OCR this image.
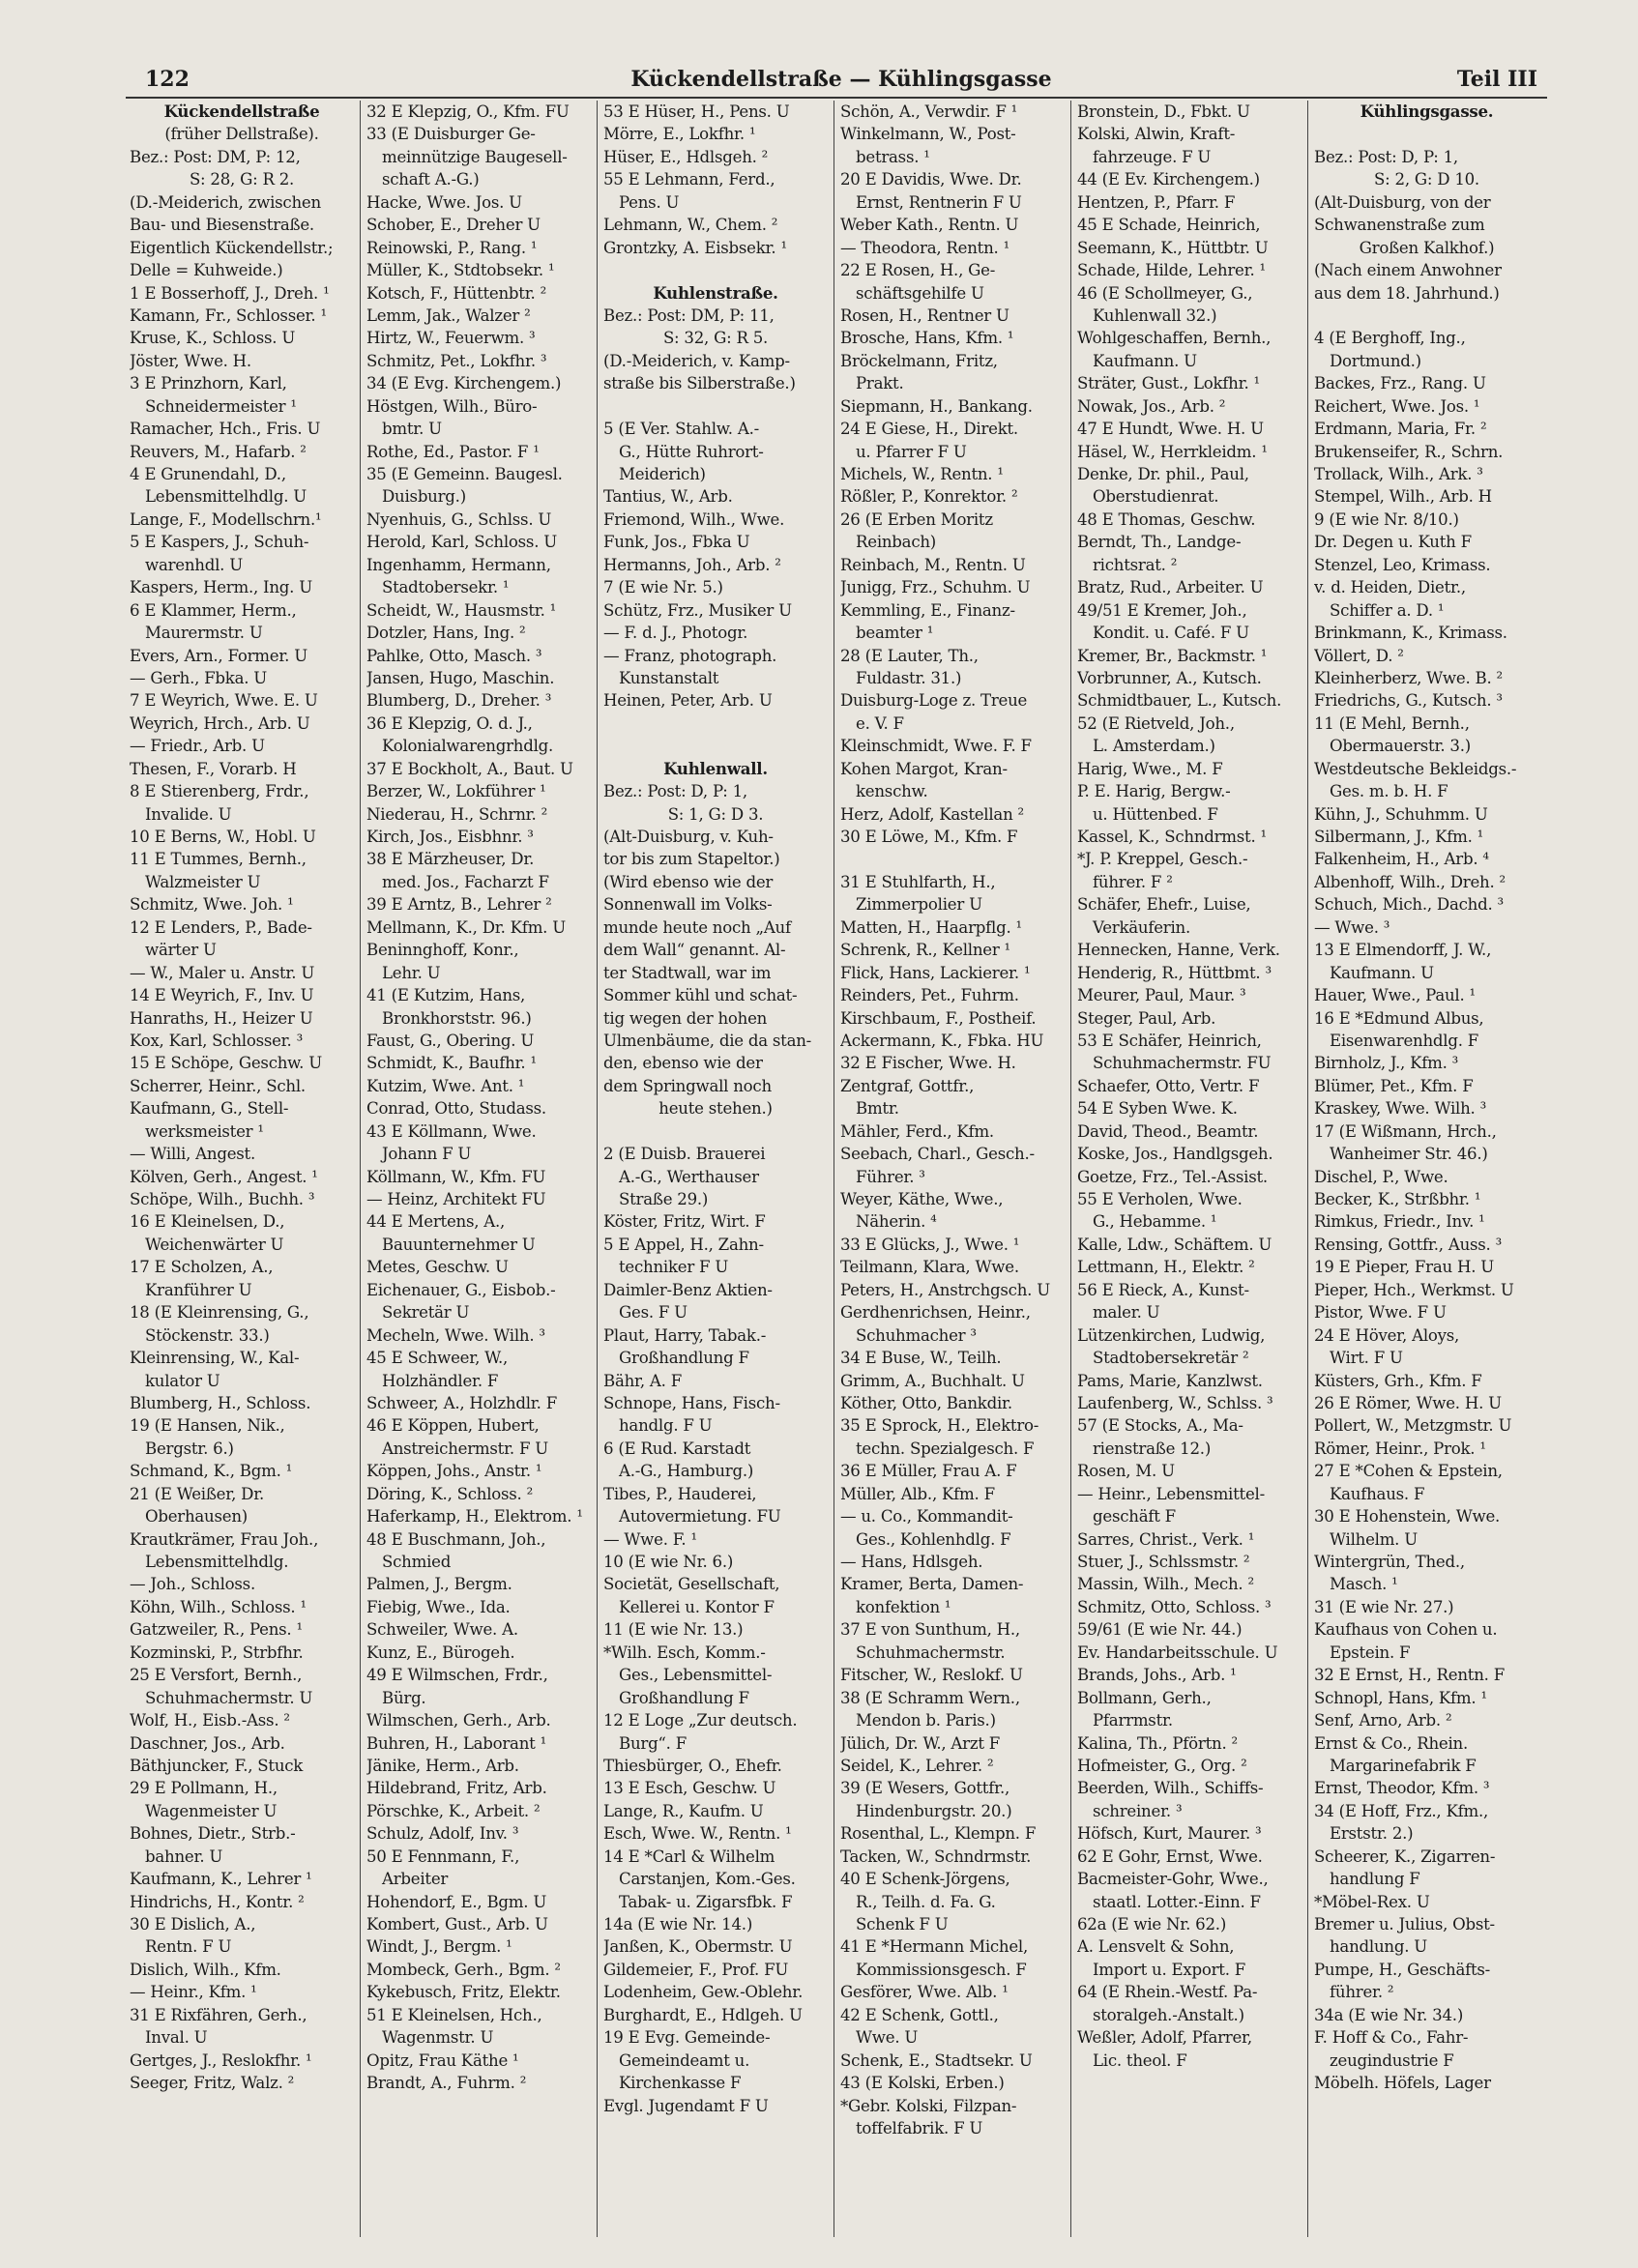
122	Kückendellstraße — Kühlingsgasse	Teil III
Kückendellstraße
(früher Dellstraße).
Bez.: Post: DM, P: 12,
S: 28, G: R 2.
(D.-Meiderich, zwischen
Bau- und Biesenstraße.
Eigentlich Kückendellstr.;
Delle = Kuhweide.)
1 E Bosserhoff, J., Dreh. ¹
Kamann, Fr., Schlosser. ¹
Kruse, K., Schloss. U
Jöster, Wwe. H.
3 E Prinzhorn, Karl,
Schneidermeister ¹
Ramacher, Hch., Fris. U
Reuvers, M., Hafarb. ²
4 E Grunendahl, D.,
Lebensmittelhdlg. U
Lange, F., Modellschrn.¹
5 E Kaspers, J., Schuh-
warenhdl. U
Kaspers, Herm., Ing. U
6 E Klammer, Herm.,
Maurermstr. U
Evers, Arn., Former. U
— Gerh., Fbka. U
7 E Weyrich, Wwe. E. U
Weyrich, Hrch., Arb. U
— Friedr., Arb. U
Thesen, F., Vorarb. H
8 E Stierenberg, Frdr.,
Invalide. U
10 E Berns, W., Hobl. U
11 E Tummes, Bernh.,
Walzmeister U
Schmitz, Wwe. Joh. ¹
12 E Lenders, P., Bade-
wärter U
— W., Maler u. Anstr. U
14 E Weyrich, F., Inv. U
Hanraths, H., Heizer U
Kox, Karl, Schlosser. ³
15 E Schöpe, Geschw. U
Scherrer, Heinr., Schl.
Kaufmann, G., Stell-
werksmeister ¹
— Willi, Angest.
Kölven, Gerh., Angest. ¹
Schöpe, Wilh., Buchh. ³
16 E Kleinelsen, D.,
Weichenwärter U
17 E Scholzen, A.,
Kranführer U
18 (E Kleinrensing, G.,
Stöckenstr. 33.)
Kleinrensing, W., Kal-
kulator U
Blumberg, H., Schloss.
19 (E Hansen, Nik.,
Bergstr. 6.)
Schmand, K., Bgm. ¹
21 (E Weißer, Dr.
Oberhausen)
Krautkrämer, Frau Joh.,
Lebensmittelhdlg.
— Joh., Schloss.
Köhn, Wilh., Schloss. ¹
Gatzweiler, R., Pens. ¹
Kozminski, P., Strbfhr.
25 E Versfort, Bernh.,
Schuhmachermstr. U
Wolf, H., Eisb.-Ass. ²
Daschner, Jos., Arb.
Bäthjuncker, F., Stuck
29 E Pollmann, H.,
Wagenmeister U
Bohnes, Dietr., Strb.-
bahner. U
Kaufmann, K., Lehrer ¹
Hindrichs, H., Kontr. ²
30 E Dislich, A.,
Rentn. F U
Dislich, Wilh., Kfm.
— Heinr., Kfm. ¹
31 E Rixfähren, Gerh.,
Inval. U
Gertges, J., Reslokfhr. ¹
Seeger, Fritz, Walz. ²
32 E Klepzig, O., Kfm. FU
33 (E Duisburger Ge-
meinnützige Baugesell-
schaft A.-G.)
Hacke, Wwe. Jos. U
Schober, E., Dreher U
Reinowski, P., Rang. ¹
Müller, K., Stdtobsekr. ¹
Kotsch, F., Hüttenbtr. ²
Lemm, Jak., Walzer ²
Hirtz, W., Feuerwm. ³
Schmitz, Pet., Lokfhr. ³
34 (E Evg. Kirchengem.)
Höstgen, Wilh., Büro-
bmtr. U
Rothe, Ed., Pastor. F ¹
35 (E Gemeinn. Baugesl.
Duisburg.)
Nyenhuis, G., Schlss. U
Herold, Karl, Schloss. U
Ingenhamm, Hermann,
Stadtobersekr. ¹
Scheidt, W., Hausmstr. ¹
Dotzler, Hans, Ing. ²
Pahlke, Otto, Masch. ³
Jansen, Hugo, Maschin.
Blumberg, D., Dreher. ³
36 E Klepzig, O. d. J.,
Kolonialwarengrhdlg.
37 E Bockholt, A., Baut. U
Berzer, W., Lokführer ¹
Niederau, H., Schrnr. ²
Kirch, Jos., Eisbhnr. ³
38 E Märzheuser, Dr.
med. Jos., Facharzt F
39 E Arntz, B., Lehrer ²
Mellmann, K., Dr. Kfm. U
Beninnghoff, Konr.,
Lehr. U
41 (E Kutzim, Hans,
Bronkhorststr. 96.)
Faust, G., Obering. U
Schmidt, K., Baufhr. ¹
Kutzim, Wwe. Ant. ¹
Conrad, Otto, Studass.
43 E Köllmann, Wwe.
Johann F U
Köllmann, W., Kfm. FU
— Heinz, Architekt FU
44 E Mertens, A.,
Bauunternehmer U
Metes, Geschw. U
Eichenauer, G., Eisbob.-
Sekretär U
Mecheln, Wwe. Wilh. ³
45 E Schweer, W.,
Holzhändler. F
Schweer, A., Holzhdlr. F
46 E Köppen, Hubert,
Anstreichermstr. F U
Köppen, Johs., Anstr. ¹
Döring, K., Schloss. ²
Haferkamp, H., Elektrom. ¹
48 E Buschmann, Joh.,
Schmied
Palmen, J., Bergm.
Fiebig, Wwe., Ida.
Schweiler, Wwe. A.
Kunz, E., Bürogeh.
49 E Wilmschen, Frdr.,
Bürg.
Wilmschen, Gerh., Arb.
Buhren, H., Laborant ¹
Jänike, Herm., Arb.
Hildebrand, Fritz, Arb.
Pörschke, K., Arbeit. ²
Schulz, Adolf, Inv. ³
50 E Fennmann, F.,
Arbeiter
Hohendorf, E., Bgm. U
Kombert, Gust., Arb. U
Windt, J., Bergm. ¹
Mombeck, Gerh., Bgm. ²
Kykebusch, Fritz, Elektr.
51 E Kleinelsen, Hch.,
Wagenmstr. U
Opitz, Frau Käthe ¹
Brandt, A., Fuhrm. ²
53 E Hüser, H., Pens. U
Mörre, E., Lokfhr. ¹
Hüser, E., Hdlsgeh. ²
55 E Lehmann, Ferd.,
Pens. U
Lehmann, W., Chem. ²
Grontzky, A. Eisbsekr. ¹

Kuhlenstraße.
Bez.: Post: DM, P: 11,
S: 32, G: R 5.
(D.-Meiderich, v. Kamp-
straße bis Silberstraße.)

5 (E Ver. Stahlw. A.-
G., Hütte Ruhrort-
Meiderich)
Tantius, W., Arb.
Friemond, Wilh., Wwe.
Funk, Jos., Fbka U
Hermanns, Joh., Arb. ²
7 (E wie Nr. 5.)
Schütz, Frz., Musiker U
— F. d. J., Photogr.
— Franz, photograph.
Kunstanstalt
Heinen, Peter, Arb. U

Kuhlenwall.
Bez.: Post: D, P: 1,
S: 1, G: D 3.
(Alt-Duisburg, v. Kuh-
tor bis zum Stapeltor.)
(Wird ebenso wie der
Sonnenwall im Volks-
munde heute noch „Auf
dem Wall“ genannt. Al-
ter Stadtwall, war im
Sommer kühl und schat-
tig wegen der hohen
Ulmenbäume, die da stan-
den, ebenso wie der
dem Springwall noch
heute stehen.)

2 (E Duisb. Brauerei
A.-G., Werthauser
Straße 29.)
Köster, Fritz, Wirt. F
5 E Appel, H., Zahn-
techniker F U
Daimler-Benz Aktien-
Ges. F U
Plaut, Harry, Tabak.-
Großhandlung F
Bähr, A. F
Schnope, Hans, Fisch-
handlg. F U
6 (E Rud. Karstadt
A.-G., Hamburg.)
Tibes, P., Hauderei,
Autovermietung. FU
— Wwe. F. ¹
10 (E wie Nr. 6.)
Societät, Gesellschaft,
Kellerei u. Kontor F
11 (E wie Nr. 13.)
*Wilh. Esch, Komm.-
Ges., Lebensmittel-
Großhandlung F
12 E Loge „Zur deutsch.
Burg“. F
Thiesbürger, O., Ehefr.
13 E Esch, Geschw. U
Lange, R., Kaufm. U
Esch, Wwe. W., Rentn. ¹
14 E *Carl & Wilhelm
Carstanjen, Kom.-Ges.
Tabak- u. Zigarsfbk. F
14a (E wie Nr. 14.)
Janßen, K., Obermstr. U
Gildemeier, F., Prof. FU
Lodenheim, Gew.-Oblehr.
Burghardt, E., Hdlgeh. U
19 E Evg. Gemeinde-
Gemeindeamt u.
Kirchenkasse F
Evgl. Jugendamt F U
Schön, A., Verwdir. F ¹
Winkelmann, W., Post-
betrass. ¹
20 E Davidis, Wwe. Dr.
Ernst, Rentnerin F U
Weber Kath., Rentn. U
— Theodora, Rentn. ¹
22 E Rosen, H., Ge-
schäftsgehilfe U
Rosen, H., Rentner U
Brosche, Hans, Kfm. ¹
Bröckelmann, Fritz,
Prakt.
Siepmann, H., Bankang.
24 E Giese, H., Direkt.
u. Pfarrer F U
Michels, W., Rentn. ¹
Rößler, P., Konrektor. ²
26 (E Erben Moritz
Reinbach)
Reinbach, M., Rentn. U
Junigg, Frz., Schuhm. U
Kemmling, E., Finanz-
beamter ¹
28 (E Lauter, Th.,
Fuldastr. 31.)
Duisburg-Loge z. Treue
e. V. F
Kleinschmidt, Wwe. F. F
Kohen Margot, Kran-
kenschw.
Herz, Adolf, Kastellan ²
30 E Löwe, M., Kfm. F

31 E Stuhlfarth, H.,
Zimmerpolier U
Matten, H., Haarpflg. ¹
Schrenk, R., Kellner ¹
Flick, Hans, Lackierer. ¹
Reinders, Pet., Fuhrm.
Kirschbaum, F., Postheif.
Ackermann, K., Fbka. HU
32 E Fischer, Wwe. H.
Zentgraf, Gottfr.,
Bmtr.
Mähler, Ferd., Kfm.
Seebach, Charl., Gesch.-
Führer. ³
Weyer, Käthe, Wwe.,
Näherin. ⁴
33 E Glücks, J., Wwe. ¹
Teilmann, Klara, Wwe.
Peters, H., Anstrchgsch. U
Gerdhenrichsen, Heinr.,
Schuhmacher ³
34 E Buse, W., Teilh.
Grimm, A., Buchhalt. U
Köther, Otto, Bankdir.
35 E Sprock, H., Elektro-
techn. Spezialgesch. F
36 E Müller, Frau A. F
Müller, Alb., Kfm. F
— u. Co., Kommandit-
Ges., Kohlenhdlg. F
— Hans, Hdlsgeh.
Kramer, Berta, Damen-
konfektion ¹
37 E von Sunthum, H.,
Schuhmachermstr.
Fitscher, W., Reslokf. U
38 (E Schramm Wern.,
Mendon b. Paris.)
Jülich, Dr. W., Arzt F
Seidel, K., Lehrer. ²
39 (E Wesers, Gottfr.,
Hindenburgstr. 20.)
Rosenthal, L., Klempn. F
Tacken, W., Schndrmstr.
40 E Schenk-Jörgens,
R., Teilh. d. Fa. G.
Schenk F U
41 E *Hermann Michel,
Kommissionsgesch. F
Gesförer, Wwe. Alb. ¹
42 E Schenk, Gottl.,
Wwe. U
Schenk, E., Stadtsekr. U
43 (E Kolski, Erben.)
*Gebr. Kolski, Filzpan-
toffelfabrik. F U
Bronstein, D., Fbkt. U
Kolski, Alwin, Kraft-
fahrzeuge. F U
44 (E Ev. Kirchengem.)
Hentzen, P., Pfarr. F
45 E Schade, Heinrich,
Seemann, K., Hüttbtr. U
Schade, Hilde, Lehrer. ¹
46 (E Schollmeyer, G.,
Kuhlenwall 32.)
Wohlgeschaffen, Bernh.,
Kaufmann. U
Sträter, Gust., Lokfhr. ¹
Nowak, Jos., Arb. ²
47 E Hundt, Wwe. H. U
Häsel, W., Herrkleidm. ¹
Denke, Dr. phil., Paul,
Oberstudienrat.
48 E Thomas, Geschw.
Berndt, Th., Landge-
richtsrat. ²
Bratz, Rud., Arbeiter. U
49/51 E Kremer, Joh.,
Kondit. u. Café. F U
Kremer, Br., Backmstr. ¹
Vorbrunner, A., Kutsch.
Schmidtbauer, L., Kutsch.
52 (E Rietveld, Joh.,
L. Amsterdam.)
Harig, Wwe., M. F
P. E. Harig, Bergw.-
u. Hüttenbed. F
Kassel, K., Schndrmst. ¹
*J. P. Kreppel, Gesch.-
führer. F ²
Schäfer, Ehefr., Luise,
Verkäuferin.
Hennecken, Hanne, Verk.
Henderig, R., Hüttbmt. ³
Meurer, Paul, Maur. ³
Steger, Paul, Arb.
53 E Schäfer, Heinrich,
Schuhmachermstr. FU
Schaefer, Otto, Vertr. F
54 E Syben Wwe. K.
David, Theod., Beamtr.
Koske, Jos., Handlgsgeh.
Goetze, Frz., Tel.-Assist.
55 E Verholen, Wwe.
G., Hebamme. ¹
Kalle, Ldw., Schäftem. U
Lettmann, H., Elektr. ²
56 E Rieck, A., Kunst-
maler. U
Lützenkirchen, Ludwig,
Stadtobersekretär ²
Pams, Marie, Kanzlwst.
Laufenberg, W., Schlss. ³
57 (E Stocks, A., Ma-
rienstraße 12.)
Rosen, M. U
— Heinr., Lebensmittel-
geschäft F
Sarres, Christ., Verk. ¹
Stuer, J., Schlssmstr. ²
Massin, Wilh., Mech. ²
Schmitz, Otto, Schloss. ³
59/61 (E wie Nr. 44.)
Ev. Handarbeitsschule. U
Brands, Johs., Arb. ¹
Bollmann, Gerh.,
Pfarrmstr.
Kalina, Th., Pförtn. ²
Hofmeister, G., Org. ²
Beerden, Wilh., Schiffs-
schreiner. ³
Höfsch, Kurt, Maurer. ³
62 E Gohr, Ernst, Wwe.
Bacmeister-Gohr, Wwe.,
staatl. Lotter.-Einn. F
62a (E wie Nr. 62.)
A. Lensvelt & Sohn,
Import u. Export. F
64 (E Rhein.-Westf. Pa-
storalgeh.-Anstalt.)
Weßler, Adolf, Pfarrer,
Lic. theol. F
Kühlingsgasse.

Bez.: Post: D, P: 1,
S: 2, G: D 10.
(Alt-Duisburg, von der
Schwanenstraße zum
Großen Kalkhof.)
(Nach einem Anwohner
aus dem 18. Jahrhund.)

4 (E Berghoff, Ing.,
Dortmund.)
Backes, Frz., Rang. U
Reichert, Wwe. Jos. ¹
Erdmann, Maria, Fr. ²
Brukenseifer, R., Schrn.
Trollack, Wilh., Ark. ³
Stempel, Wilh., Arb. H
9 (E wie Nr. 8/10.)
Dr. Degen u. Kuth F
Stenzel, Leo, Krimass.
v. d. Heiden, Dietr.,
Schiffer a. D. ¹
Brinkmann, K., Krimass.
Völlert, D. ²
Kleinherberz, Wwe. B. ²
Friedrichs, G., Kutsch. ³
11 (E Mehl, Bernh.,
Obermauerstr. 3.)
Westdeutsche Bekleidgs.-
Ges. m. b. H. F
Kühn, J., Schuhmm. U
Silbermann, J., Kfm. ¹
Falkenheim, H., Arb. ⁴
Albenhoff, Wilh., Dreh. ²
Schuch, Mich., Dachd. ³
— Wwe. ³
13 E Elmendorff, J. W.,
Kaufmann. U
Hauer, Wwe., Paul. ¹
16 E *Edmund Albus,
Eisenwarenhdlg. F
Birnholz, J., Kfm. ³
Blümer, Pet., Kfm. F
Kraskey, Wwe. Wilh. ³
17 (E Wißmann, Hrch.,
Wanheimer Str. 46.)
Dischel, P., Wwe.
Becker, K., Strßbhr. ¹
Rimkus, Friedr., Inv. ¹
Rensing, Gottfr., Auss. ³
19 E Pieper, Frau H. U
Pieper, Hch., Werkmst. U
Pistor, Wwe. F U
24 E Höver, Aloys,
Wirt. F U
Küsters, Grh., Kfm. F
26 E Römer, Wwe. H. U
Pollert, W., Metzgmstr. U
Römer, Heinr., Prok. ¹
27 E *Cohen & Epstein,
Kaufhaus. F
30 E Hohenstein, Wwe.
Wilhelm. U
Wintergrün, Thed.,
Masch. ¹
31 (E wie Nr. 27.)
Kaufhaus von Cohen u.
Epstein. F
32 E Ernst, H., Rentn. F
Schnopl, Hans, Kfm. ¹
Senf, Arno, Arb. ²
Ernst & Co., Rhein.
Margarinefabrik F
Ernst, Theodor, Kfm. ³
34 (E Hoff, Frz., Kfm.,
Erststr. 2.)
Scheerer, K., Zigarren-
handlung F
*Möbel-Rex. U
Bremer u. Julius, Obst-
handlung. U
Pumpe, H., Geschäfts-
führer. ²
34a (E wie Nr. 34.)
F. Hoff & Co., Fahr-
zeugindustrie F
Möbelh. Höfels, Lager
